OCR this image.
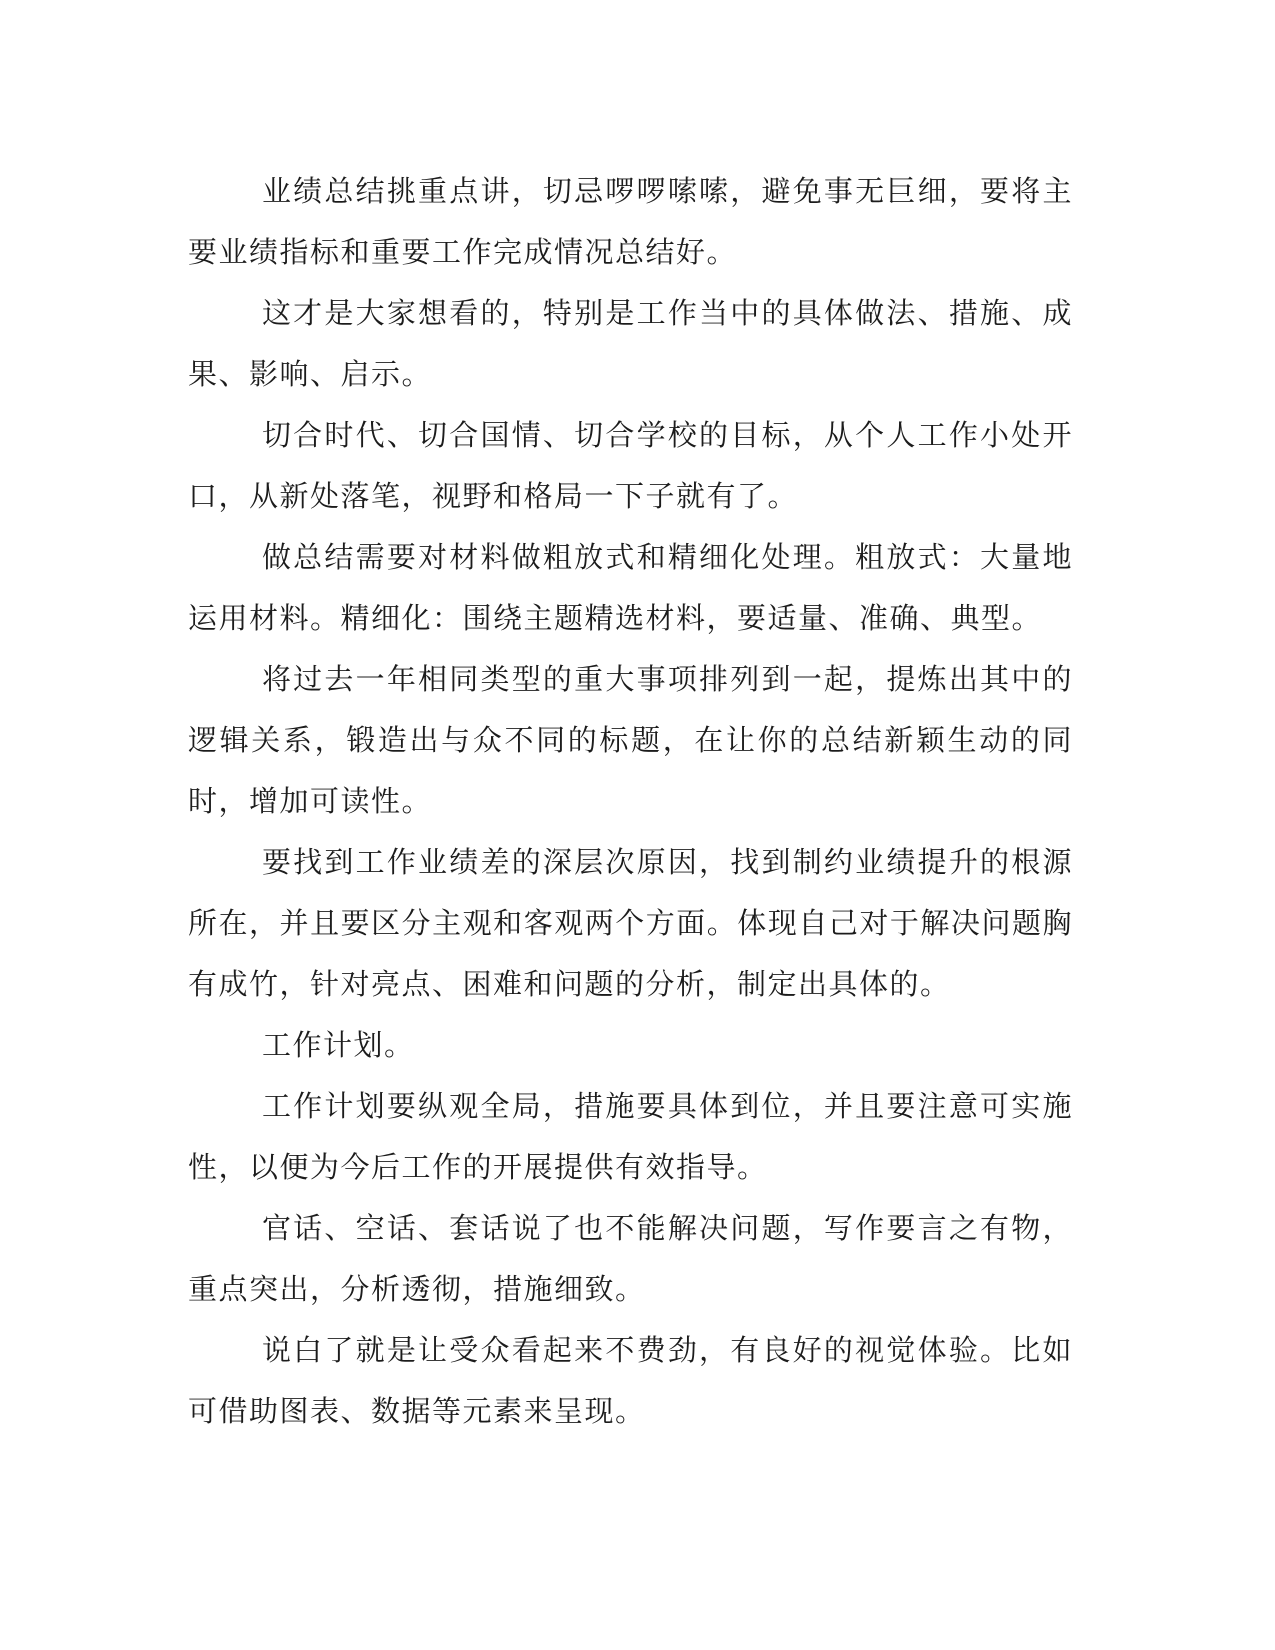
业绩总结挑重点讲，切忌啰啰嗦嗦，避免事无巨细，要将主要业绩指标和重要工作完成情况总结好。

这才是大家想看的，特别是工作当中的具体做法、措施、成果、影响、启示。

切合时代、切合国情、切合学校的目标，从个人工作小处开口，从新处落笔，视野和格局一下子就有了。

做总结需要对材料做粗放式和精细化处理。粗放式：大量地运用材料。精细化：围绕主题精选材料，要适量、准确、典型。

将过去一年相同类型的重大事项排列到一起，提炼出其中的逻辑关系，锻造出与众不同的标题，在让你的总结新颖生动的同时，增加可读性。

要找到工作业绩差的深层次原因，找到制约业绩提升的根源所在，并且要区分主观和客观两个方面。体现自己对于解决问题胸有成竹，针对亮点、困难和问题的分析，制定出具体的。

工作计划。

工作计划要纵观全局，措施要具体到位，并且要注意可实施性，以便为今后工作的开展提供有效指导。

官话、空话、套话说了也不能解决问题，写作要言之有物，重点突出，分析透彻，措施细致。

说白了就是让受众看起来不费劲，有良好的视觉体验。比如可借助图表、数据等元素来呈现。
